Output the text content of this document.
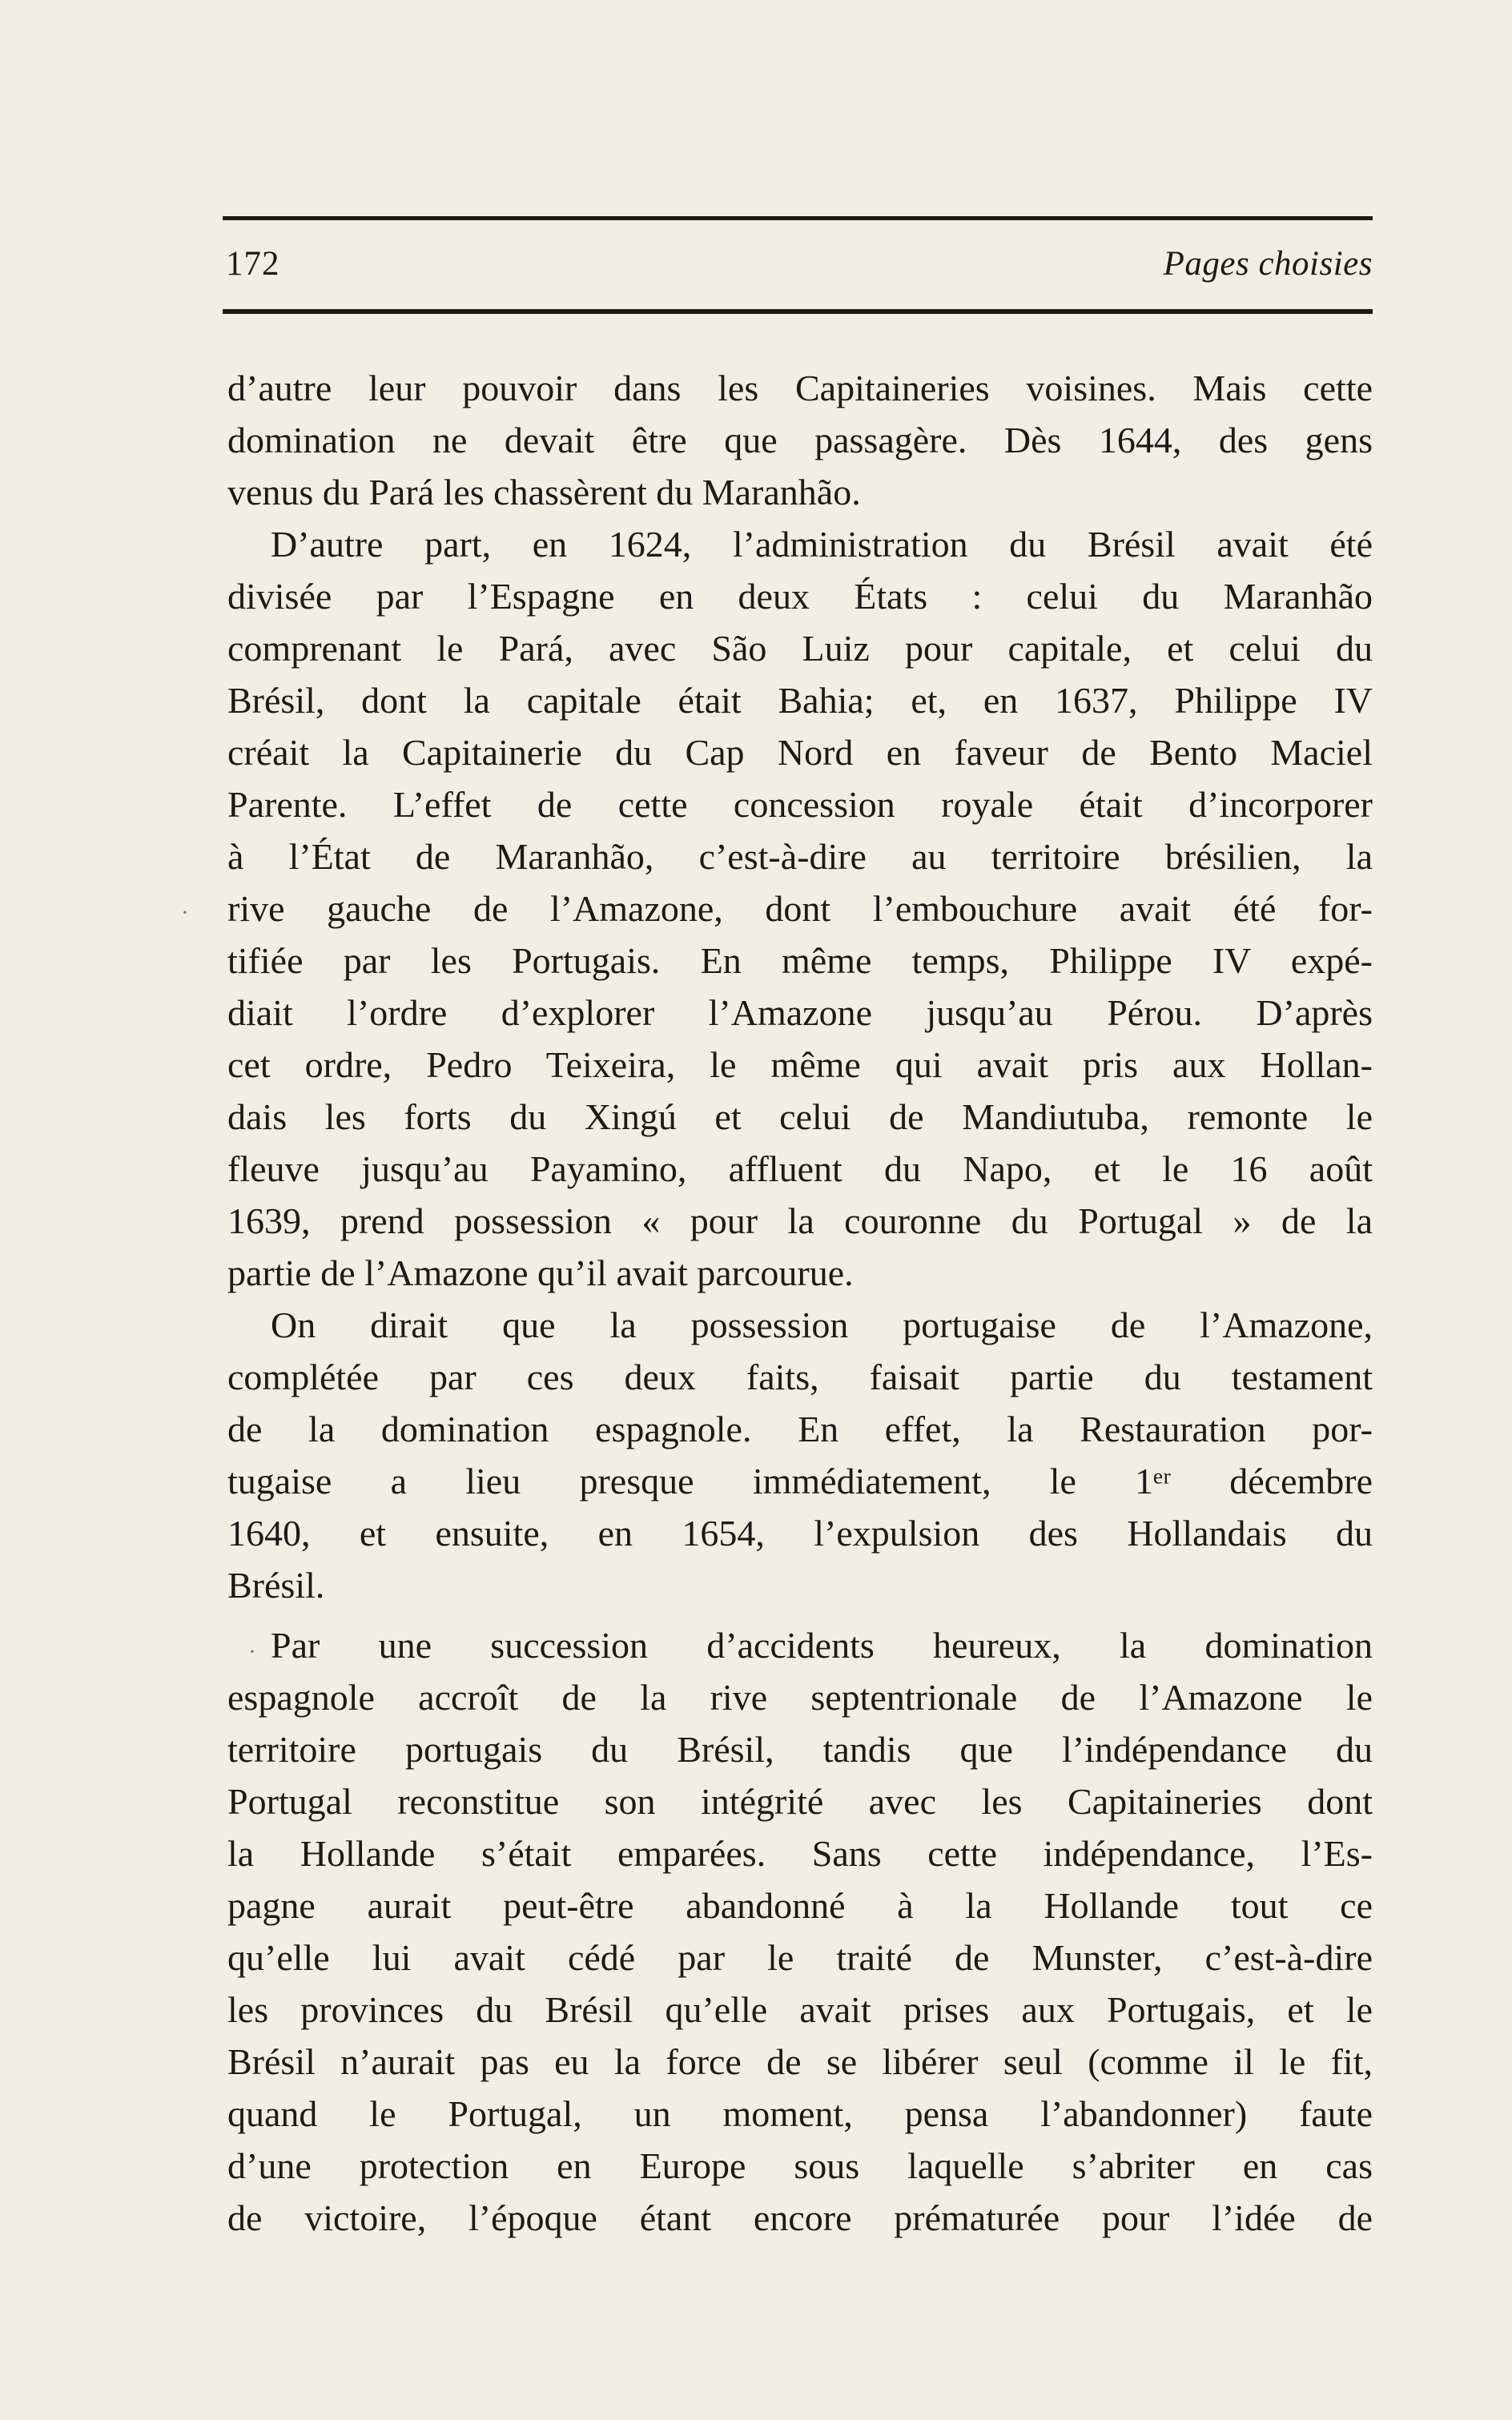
172	Pages choisies
·
·

d’autre leur pouvoir dans les Capitaineries voisines. Mais cette
domination ne devait être que passagère. Dès 1644, des gens
venus du Pará les chassèrent du Maranhão.

D’autre part, en 1624, l’administration du Brésil avait été
divisée par l’Espagne en deux États : celui du Maranhão
comprenant le Pará, avec São Luiz pour capitale, et celui du
Brésil, dont la capitale était Bahia; et, en 1637, Philippe IV
créait la Capitainerie du Cap Nord en faveur de Bento Maciel
Parente. L’effet de cette concession royale était d’incorporer
à l’État de Maranhão, c’est-à-dire au territoire brésilien, la
rive gauche de l’Amazone, dont l’embouchure avait été for-
tifiée par les Portugais. En même temps, Philippe IV expé-
diait l’ordre d’explorer l’Amazone jusqu’au Pérou. D’après
cet ordre, Pedro Teixeira, le même qui avait pris aux Hollan-
dais les forts du Xingú et celui de Mandiutuba, remonte le
fleuve jusqu’au Payamino, affluent du Napo, et le 16 août
1639, prend possession « pour la couronne du Portugal » de la
partie de l’Amazone qu’il avait parcourue.

On dirait que la possession portugaise de l’Amazone,
complétée par ces deux faits, faisait partie du testament
de la domination espagnole. En effet, la Restauration por-
tugaise a lieu presque immédiatement, le 1ᵉʳ décembre
1640, et ensuite, en 1654, l’expulsion des Hollandais du
Brésil.

Par une succession d’accidents heureux, la domination
espagnole accroît de la rive septentrionale de l’Amazone le
territoire portugais du Brésil, tandis que l’indépendance du
Portugal reconstitue son intégrité avec les Capitaineries dont
la Hollande s’était emparées. Sans cette indépendance, l’Es-
pagne aurait peut-être abandonné à la Hollande tout ce
qu’elle lui avait cédé par le traité de Munster, c’est-à-dire
les provinces du Brésil qu’elle avait prises aux Portugais, et le
Brésil n’aurait pas eu la force de se libérer seul (comme il le fit,
quand le Portugal, un moment, pensa l’abandonner) faute
d’une protection en Europe sous laquelle s’abriter en cas
de victoire, l’époque étant encore prématurée pour l’idée de
